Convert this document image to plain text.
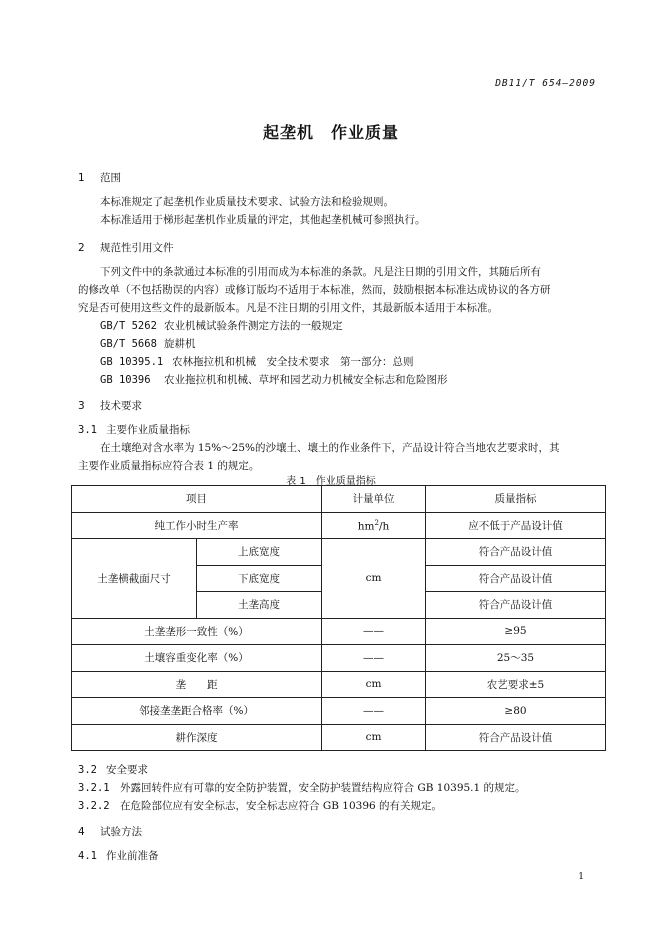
DB11/T 654—2009
起垄机　作业质量
1 范围
本标准规定了起垄机作业质量技术要求、试验方法和检验规则。
本标准适用于梯形起垄机作业质量的评定，其他起垄机械可参照执行。
2 规范性引用文件
下列文件中的条款通过本标准的引用而成为本标准的条款。凡是注日期的引用文件，其随后所有
的修改单（不包括勘误的内容）或修订版均不适用于本标准，然而，鼓励根据本标准达成协议的各方研
究是否可使用这些文件的最新版本。凡是不注日期的引用文件，其最新版本适用于本标准。
GB/T 5262 农业机械试验条件测定方法的一般规定
GB/T 5668 旋耕机
GB 10395.1 农林拖拉机和机械　安全技术要求　第一部分：总则
GB 10396 农业拖拉机和机械、草坪和园艺动力机械安全标志和危险图形
3 技术要求
3.1 主要作业质量指标
在土壤绝对含水率为 15%～25%的沙壤土、壤土的作业条件下，产品设计符合当地农艺要求时，其
主要作业质量指标应符合表 1 的规定。
表 1　作业质量指标
项目		计量单位	质量指标
纯工作小时生产率		$hm^2/h$	应不低于产品设计值
土垄横截面尺寸	上底宽度	cm	符合产品设计值
	下底宽度		符合产品设计值
	土垄高度		符合产品设计值
土垄垄形一致性（%）		——	≥95
土壤容重变化率（%）		——	25～35
垄　　距		cm	农艺要求±5
邻接垄垄距合格率（%）		——	≥80
耕作深度		cm	符合产品设计值
3.2 安全要求
3.2.1 外露回转件应有可靠的安全防护装置，安全防护装置结构应符合 GB 10395.1 的规定。
3.2.2 在危险部位应有安全标志，安全标志应符合 GB 10396 的有关规定。
4 试验方法
4.1 作业前准备
1
